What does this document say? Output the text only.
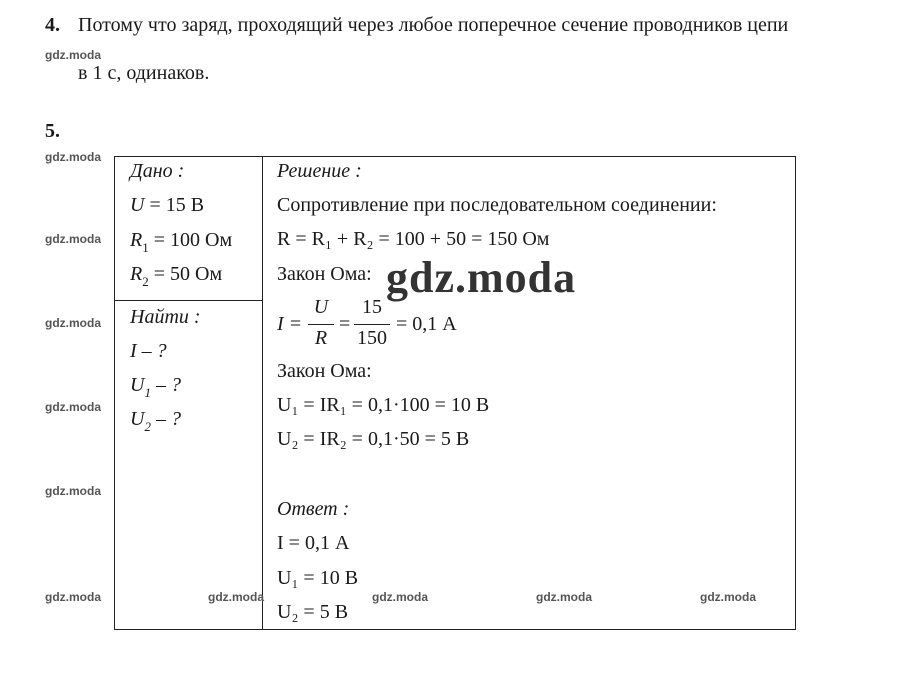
4. Потому что заряд, проходящий через любое поперечное сечение проводников цепи
в 1 с, одинаков.
5.
Дано :
U = 15 В
$R_1 = 100$ Ом
$R_2 = 50$ Ом
Найти :
I – ?
$U_1$ – ?
$U_2$ – ?
Решение :
Сопротивление при последовательном соединении:
R = R₁ + R₂ = 100 + 50 = 150 Ом
Закон Ома:
I =
U
R
=
15
150
= 0,1 А
Закон Ома:
U₁ = IR₁ = 0,1·100 = 10 В
U₂ = IR₂ = 0,1·50 = 5 В
Ответ :
I = 0,1 А
U₁ = 10 В
U₂ = 5 В
gdz.moda
gdz.moda
gdz.moda
gdz.moda
gdz.moda
gdz.moda
gdz.moda
gdz.moda	gdz.moda	gdz.moda	gdz.moda	gdz.moda
